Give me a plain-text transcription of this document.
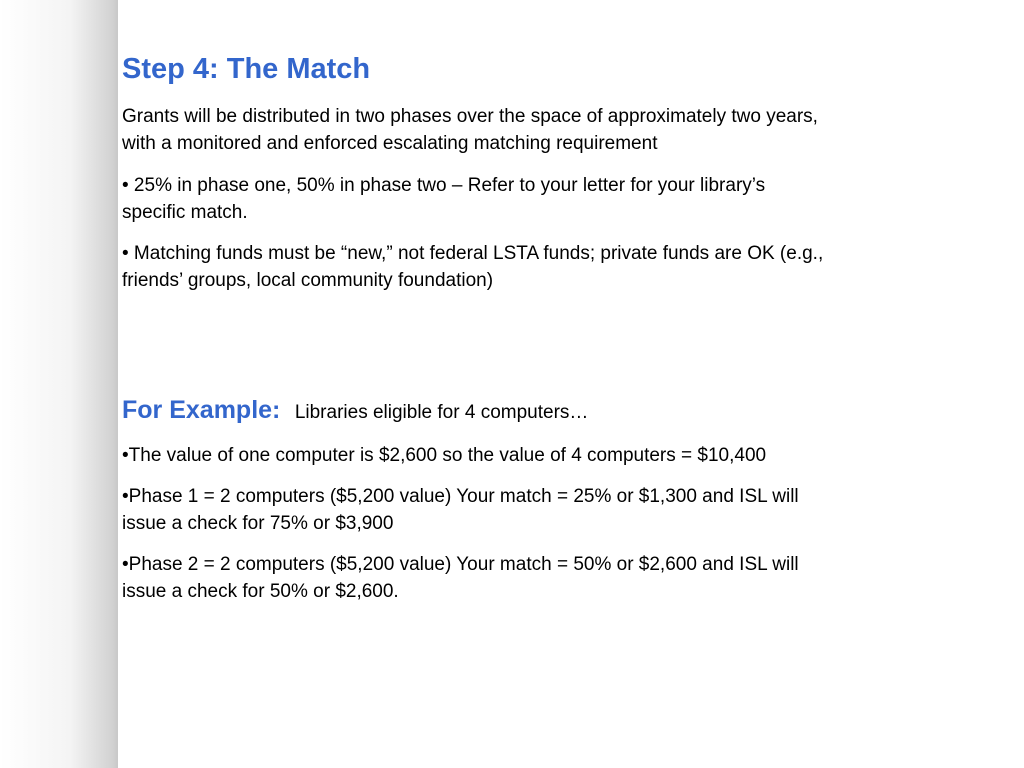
Step 4: The Match
Grants will be distributed in two phases over the space of approximately two years,
with a monitored and enforced escalating matching requirement
• 25% in phase one, 50% in phase two – Refer to your letter for your library’s
specific match.
• Matching funds must be “new,” not federal LSTA funds; private funds are OK (e.g.,
friends’ groups, local community foundation)
For Example: Libraries eligible for 4 computers…
•The value of one computer is $2,600 so the value of 4 computers = $10,400
•Phase 1 = 2 computers ($5,200 value) Your match = 25% or $1,300 and ISL will
issue a check for 75% or $3,900
•Phase 2 = 2 computers ($5,200 value) Your match = 50% or $2,600 and ISL will
issue a check for 50% or $2,600.
